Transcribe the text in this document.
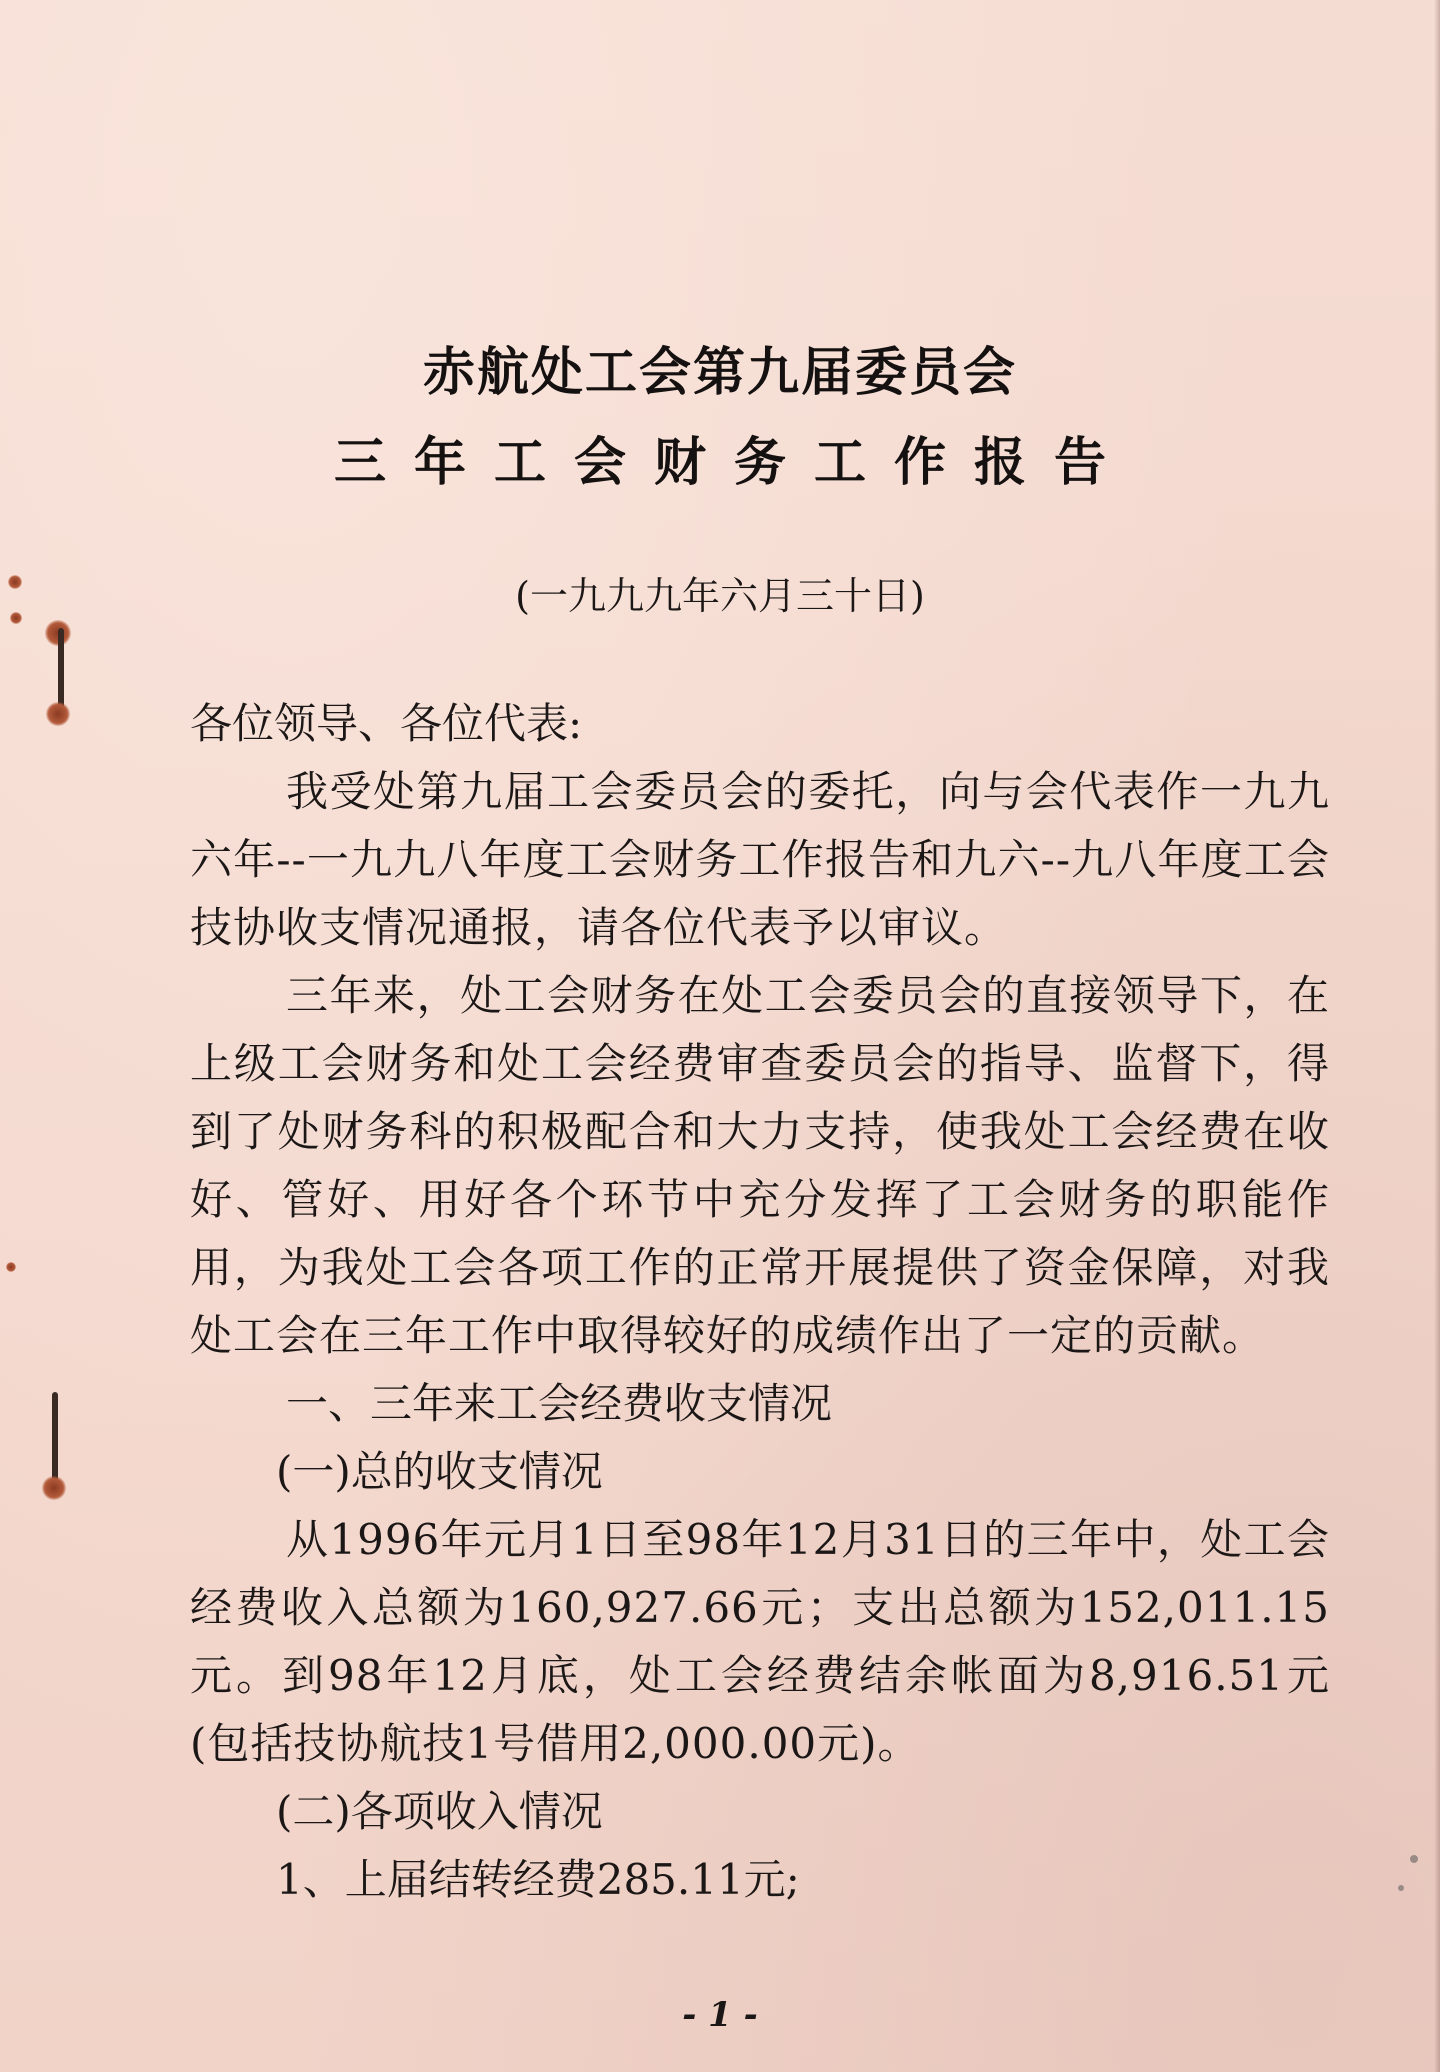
赤航处工会第九届委员会
三年工会财务工作报告
(一九九九年六月三十日)

各位领导、各位代表:

我受处第九届工会委员会的委托，向与会代表作一九九六年--一九九八年度工会财务工作报告和九六--九八年度工会技协收支情况通报，请各位代表予以审议。

三年来，处工会财务在处工会委员会的直接领导下，在上级工会财务和处工会经费审查委员会的指导、监督下，得到了处财务科的积极配合和大力支持，使我处工会经费在收好、管好、用好各个环节中充分发挥了工会财务的职能作用，为我处工会各项工作的正常开展提供了资金保障，对我处工会在三年工作中取得较好的成绩作出了一定的贡献。

一、三年来工会经费收支情况

(一)总的收支情况

从1996年元月1日至98年12月31日的三年中，处工会经费收入总额为160,927.66元；支出总额为152,011.15元。到98年12月底，处工会经费结余帐面为8,916.51元 (包括技协航技1号借用2,000.00元)。

(二)各项收入情况

1、上届结转经费285.11元;

- 1 -
